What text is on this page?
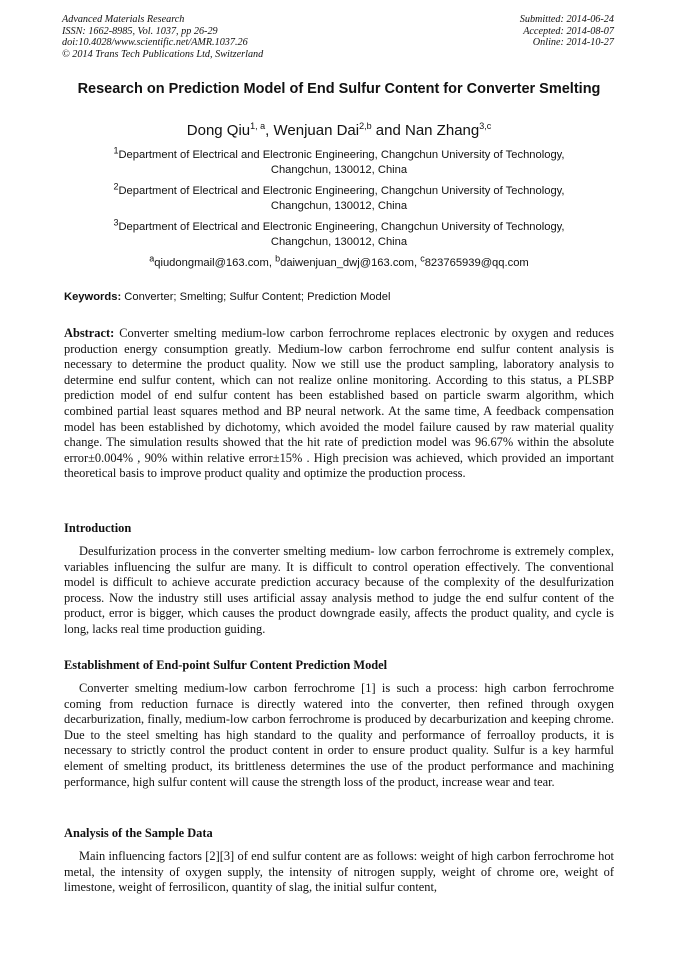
Advanced Materials Research
ISSN: 1662-8985, Vol. 1037, pp 26-29
doi:10.4028/www.scientific.net/AMR.1037.26
© 2014 Trans Tech Publications Ltd, Switzerland
Submitted: 2014-06-24
Accepted: 2014-08-07
Online: 2014-10-27
Research on Prediction Model of End Sulfur Content for Converter Smelting
Dong Qiu$^{1, a}$, Wenjuan Dai$^{2,b}$ and Nan Zhang$^{3,c}$
$^1$Department of Electrical and Electronic Engineering, Changchun University of Technology,
Changchun, 130012, China
$^2$Department of Electrical and Electronic Engineering, Changchun University of Technology,
Changchun, 130012, China
$^3$Department of Electrical and Electronic Engineering, Changchun University of Technology,
Changchun, 130012, China
$^a$qiudongmail@163.com, $^b$daiwenjuan_dwj@163.com, $^c$823765939@qq.com
Keywords: Converter; Smelting; Sulfur Content; Prediction Model
Abstract: Converter smelting medium-low carbon ferrochrome replaces electronic by oxygen and reduces production energy consumption greatly. Medium-low carbon ferrochrome end sulfur content analysis is necessary to determine the product quality. Now we still use the product sampling, laboratory analysis to determine end sulfur content, which can not realize online monitoring. According to this status, a PLSBP prediction model of end sulfur content has been established based on particle swarm algorithm, which combined partial least squares method and BP neural network. At the same time, A feedback compensation model has been established by dichotomy, which avoided the model failure caused by raw material quality change. The simulation results showed that the hit rate of prediction model was 96.67% within the absolute error±0.004% , 90% within relative error±15% . High precision was achieved, which provided an important theoretical basis to improve product quality and optimize the production process.
Introduction
Desulfurization process in the converter smelting medium- low carbon ferrochrome is extremely complex, variables influencing the sulfur are many. It is difficult to control operation effectively. The conventional model is difficult to achieve accurate prediction accuracy because of the complexity of the desulfurization process. Now the industry still uses artificial assay analysis method to judge the end sulfur content of the product, error is bigger, which causes the product downgrade easily, affects the product quality, and cycle is long, lacks real time production guiding.
Establishment of End-point Sulfur Content Prediction Model
Converter smelting medium-low carbon ferrochrome [1] is such a process: high carbon ferrochrome coming from reduction furnace is directly watered into the converter, then refined through oxygen decarburization, finally, medium-low carbon ferrochrome is produced by decarburization and keeping chrome. Due to the steel smelting has high standard to the quality and performance of ferroalloy products, it is necessary to strictly control the product content in order to ensure product quality. Sulfur is a key harmful element of smelting product, its brittleness determines the use of the product performance and machining performance, high sulfur content will cause the strength loss of the product, increase wear and tear.
Analysis of the Sample Data
Main influencing factors [2][3] of end sulfur content are as follows: weight of high carbon ferrochrome hot metal, the intensity of oxygen supply, the intensity of nitrogen supply, weight of chrome ore, weight of limestone, weight of ferrosilicon, quantity of slag, the initial sulfur content,
